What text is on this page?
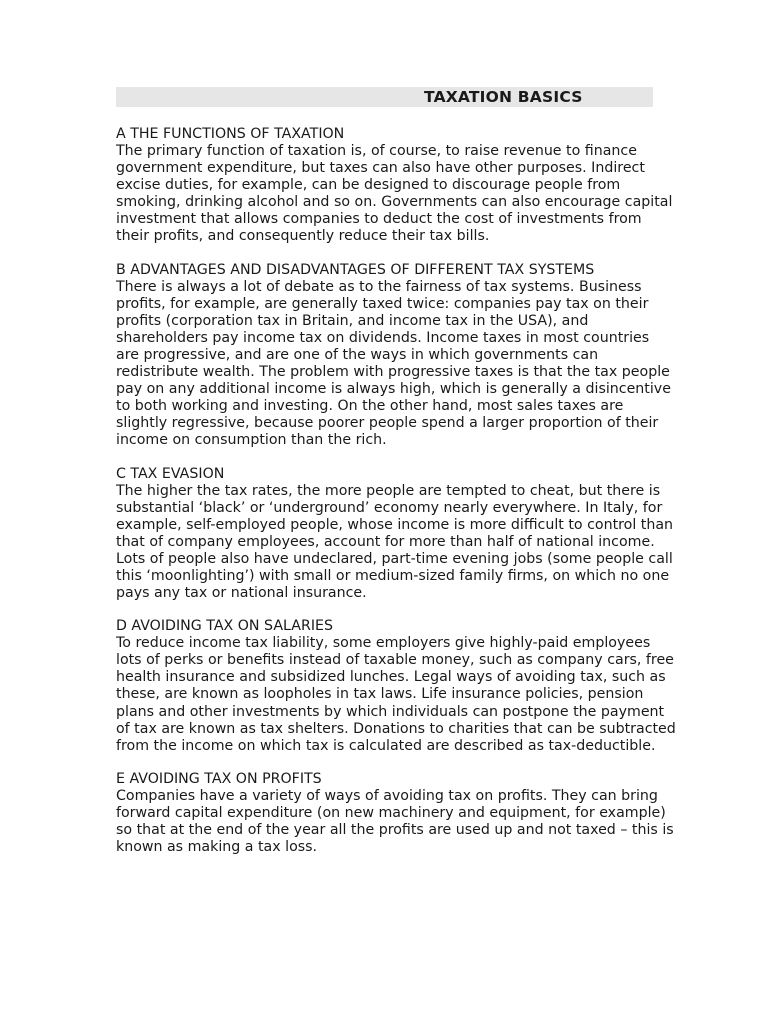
TAXATION BASICS

A THE FUNCTIONS OF TAXATION

The primary function of taxation is, of course, to raise revenue to finance government expenditure, but taxes can also have other purposes. Indirect excise duties, for example, can be designed to discourage people from smoking, drinking alcohol and so on. Governments can also encourage capital investment that allows companies to deduct the cost of investments from their profits, and consequently reduce their tax bills.

B ADVANTAGES AND DISADVANTAGES OF DIFFERENT TAX SYSTEMS

There is always a lot of debate as to the fairness of tax systems. Business profits, for example, are generally taxed twice: companies pay tax on their profits (corporation tax in Britain, and income tax in the USA), and shareholders pay income tax on dividends. Income taxes in most countries are progressive, and are one of the ways in which governments can redistribute wealth. The problem with progressive taxes is that the tax people pay on any additional income is always high, which is generally a disincentive to both working and investing. On the other hand, most sales taxes are slightly regressive, because poorer people spend a larger proportion of their income on consumption than the rich.

C TAX EVASION

The higher the tax rates, the more people are tempted to cheat, but there is substantial ‘black’ or ‘underground’ economy nearly everywhere. In Italy, for example, self-employed people, whose income is more difficult to control than that of company employees, account for more than half of national income. Lots of people also have undeclared, part-time evening jobs (some people call this ‘moonlighting’) with small or medium-sized family firms, on which no one pays any tax or national insurance.

D AVOIDING TAX ON SALARIES

To reduce income tax liability, some employers give highly-paid employees lots of perks or benefits instead of taxable money, such as company cars, free health insurance and subsidized lunches. Legal ways of avoiding tax, such as these, are known as loopholes in tax laws. Life insurance policies, pension plans and other investments by which individuals can postpone the payment of tax are known as tax shelters. Donations to charities that can be subtracted from the income on which tax is calculated are described as tax-deductible.

E AVOIDING TAX ON PROFITS

Companies have a variety of ways of avoiding tax on profits. They can bring forward capital expenditure (on new machinery and equipment, for example) so that at the end of the year all the profits are used up and not taxed – this is known as making a tax loss.
